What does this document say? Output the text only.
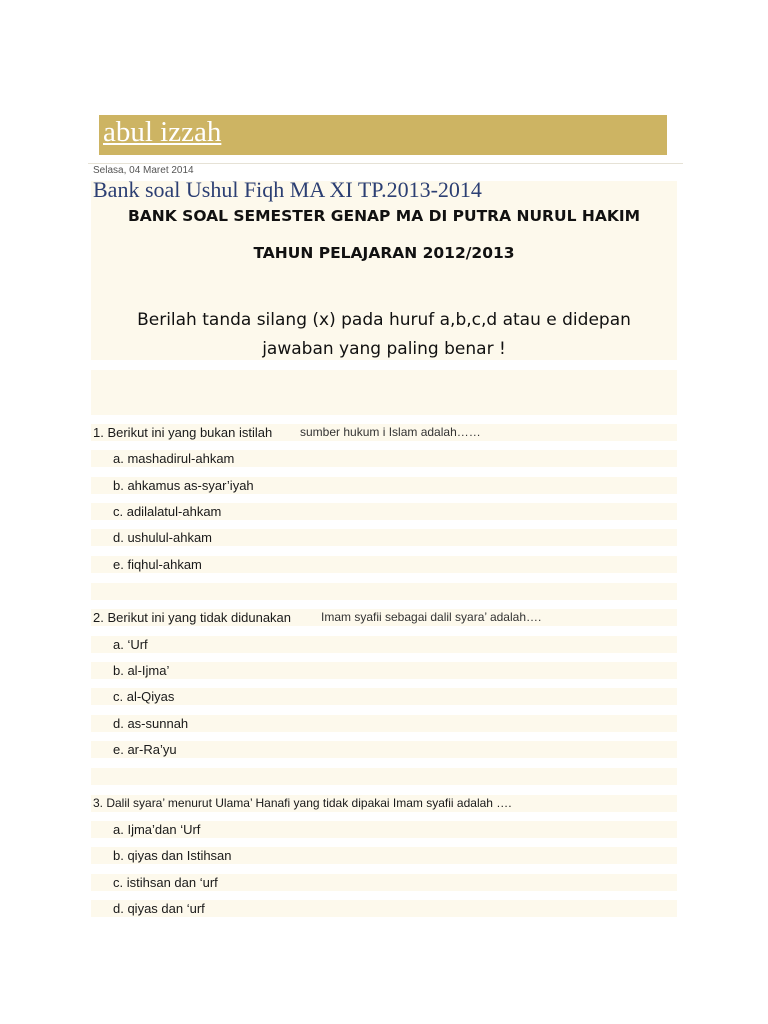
abul izzah
Selasa, 04 Maret 2014
Bank soal Ushul Fiqh MA XI TP.2013-2014
BANK SOAL SEMESTER GENAP MA DI PUTRA NURUL HAKIM
TAHUN PELAJARAN 2012/2013
Berilah tanda silang (x) pada huruf a,b,c,d atau e didepan
jawaban yang paling benar !
1. Berikut ini yang bukan istilah sumber hukum i Islam adalah……
a. mashadirul-ahkam
b. ahkamus as-syar’iyah
c. adilalatul-ahkam
d. ushulul-ahkam
e. fiqhul-ahkam
2. Berikut ini yang tidak didunakan Imam syafii sebagai dalil syara’ adalah….
a. ‘Urf
b. al-Ijma’
c. al-Qiyas
d. as-sunnah
e. ar-Ra’yu
3. Dalil syara’ menurut Ulama’ Hanafi yang tidak dipakai Imam syafii adalah ….
a. Ijma’dan ‘Urf
b. qiyas dan Istihsan
c. istihsan dan ‘urf
d. qiyas dan ‘urf
